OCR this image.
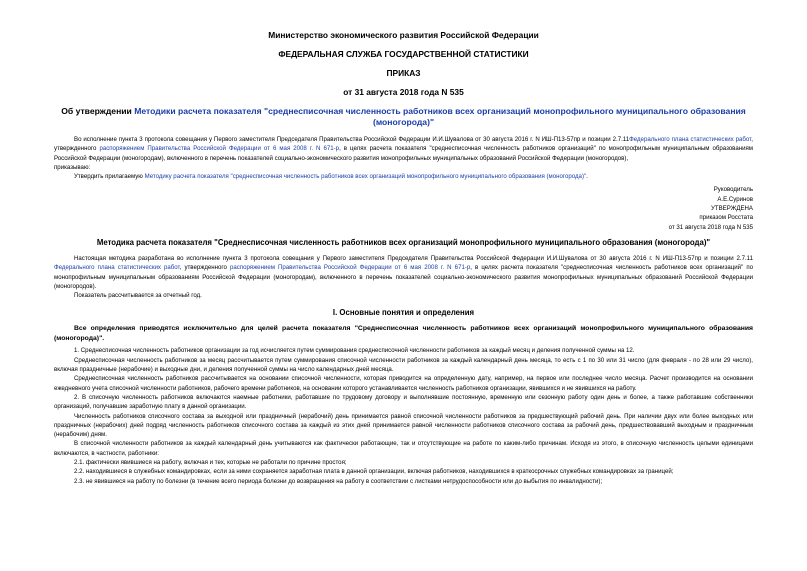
Министерство экономического развития Российской Федерации
ФЕДЕРАЛЬНАЯ СЛУЖБА ГОСУДАРСТВЕННОЙ СТАТИСТИКИ
ПРИКАЗ
от 31 августа 2018 года N 535
Об утверждении Методики расчета показателя "среднесписочная численность работников всех организаций монопрофильного муниципального образования (моногорода)"

Во исполнение пункта 3 протокола совещания у Первого заместителя Председателя Правительства Российской Федерации И.И.Шувалова от 30 августа 2016 г. N ИШ-П13-57пр и позиции 2.7.11Федерального плана статистических работ, утвержденного распоряжением Правительства Российской Федерации от 6 мая 2008 г. N 671-р, в целях расчета показателя "среднесписочная численность работников организаций" по монопрофильным муниципальным образованиям Российской Федерации (моногородам), включенного в перечень показателей социально-экономического развития монопрофильных муниципальных образований Российской Федерации (моногородов),

приказываю:

Утвердить прилагаемую Методику расчета показателя "среднесписочная численность работников всех организаций монопрофильного муниципального образования (моногорода)".

Руководитель

А.Е.Суринов

УТВЕРЖДЕНА

приказом Росстата

от 31 августа 2018 года N 535

Методика расчета показателя "Среднесписочная численность работников всех организаций монопрофильного муниципального образования (моногорода)"

Настоящая методика разработана во исполнение пункта 3 протокола совещания у Первого заместителя Председателя Правительства Российской Федерации И.И.Шувалова от 30 августа 2016 г. N ИШ-П13-57пр и позиции 2.7.11 Федерального плана статистических работ, утвержденного распоряжением Правительства Российской Федерации от 6 мая 2008 г. N 671-р, в целях расчета показателя "среднесписочная численность работников всех организаций" по монопрофильным муниципальным образованиям Российской Федерации (моногородам), включенного в перечень показателей социально-экономического развития монопрофильных муниципальных образований Российской Федерации (моногородов).

Показатель рассчитывается за отчетный год.

I. Основные понятия и определения

Все определения приводятся исключительно для целей расчета показателя "Среднесписочная численность работников всех организаций монопрофильного муниципального образования (моногорода)".

1. Среднесписочная численность работников организации за год исчисляется путем суммирования среднесписочной численности работников за каждый месяц и деления полученной суммы на 12.

Среднесписочная численность работников за месяц рассчитывается путем суммирования списочной численности работников за каждый календарный день месяца, то есть с 1 по 30 или 31 число (для февраля - по 28 или 29 число), включая праздничные (нерабочие) и выходные дни, и деления полученной суммы на число календарных дней месяца.

Среднесписочная численность работников рассчитывается на основании списочной численности, которая приводится на определенную дату, например, на первое или последнее число месяца. Расчет производится на основании ежедневного учета списочной численности работников, рабочего времени работников, на основании которого устанавливается численность работников организации, явившихся и не явившихся на работу.

2. В списочную численность работников включаются наемные работники, работавшие по трудовому договору и выполнявшие постоянную, временную или сезонную работу один день и более, а также работавшие собственники организаций, получавшие заработную плату в данной организации.

Численность работников списочного состава за выходной или праздничный (нерабочий) день принимается равной списочной численности работников за предшествующий рабочий день. При наличии двух или более выходных или праздничных (нерабочих) дней подряд численность работников списочного состава за каждый из этих дней принимается равной численности работников списочного состава за рабочий день, предшествовавший выходным и праздничным (нерабочим) дням.

В списочной численности работников за каждый календарный день учитываются как фактически работающие, так и отсутствующие на работе по каким-либо причинам. Исходя из этого, в списочную численность целыми единицами включаются, в частности, работники:

2.1. фактически явившиеся на работу, включая и тех, которые не работали по причине простоя;

2.2. находившиеся в служебных командировках, если за ними сохраняется заработная плата в данной организации, включая работников, находившихся в краткосрочных служебных командировках за границей;

2.3. не явившиеся на работу по болезни (в течение всего периода болезни до возвращения на работу в соответствии с листками нетрудоспособности или до выбытия по инвалидности);
